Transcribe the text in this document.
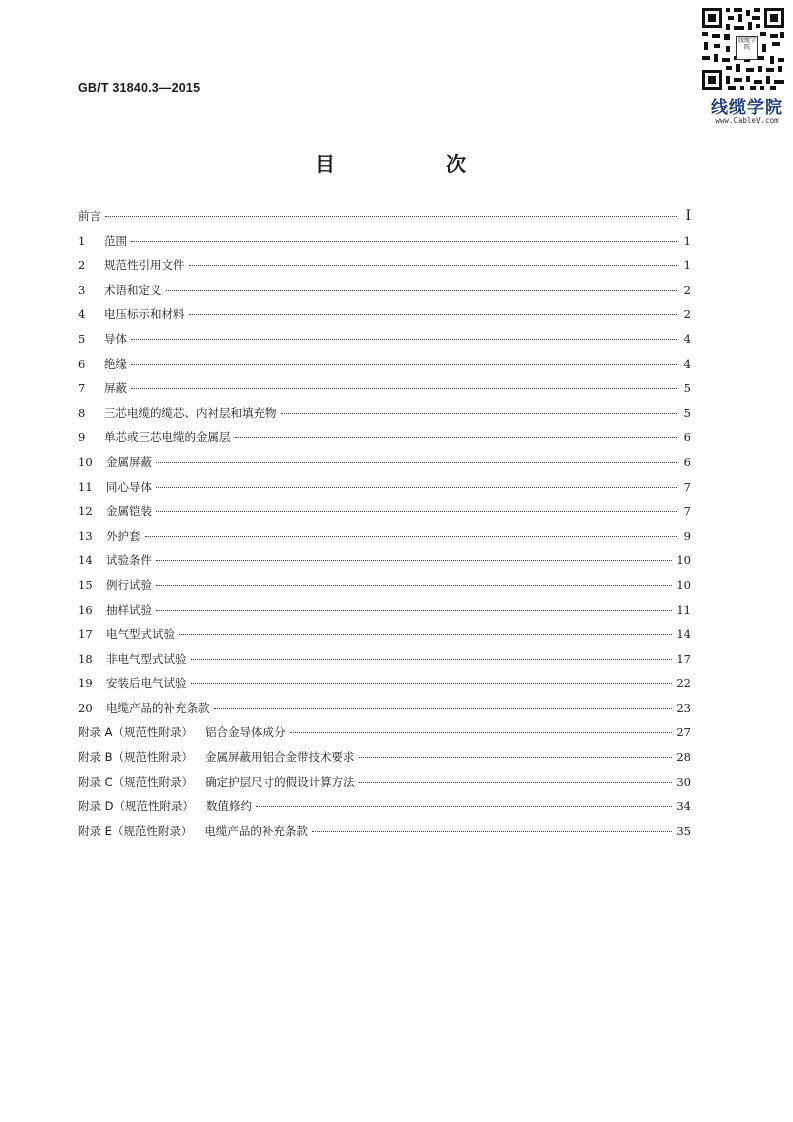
GB/T 31840.3—2015
线缆学院
线缆学院
www.CableV.com
目 次
前言	Ⅰ
1	范围	1
2	规范性引用文件	1
3	术语和定义	2
4	电压标示和材料	2
5	导体	4
6	绝缘	4
7	屏蔽	5
8	三芯电缆的缆芯、内衬层和填充物	5
9	单芯或三芯电缆的金属层	6
10	金属屏蔽	6
11	同心导体	7
12	金属铠装	7
13	外护套	9
14	试验条件	10
15	例行试验	10
16	抽样试验	11
17	电气型式试验	14
18	非电气型式试验	17
19	安装后电气试验	22
20	电缆产品的补充条款	23
附录 A（规范性附录） 铝合金导体成分	27
附录 B（规范性附录） 金属屏蔽用铝合金带技术要求	28
附录 C（规范性附录） 确定护层尺寸的假设计算方法	30
附录 D（规范性附录） 数值修约	34
附录 E（规范性附录） 电缆产品的补充条款	35
